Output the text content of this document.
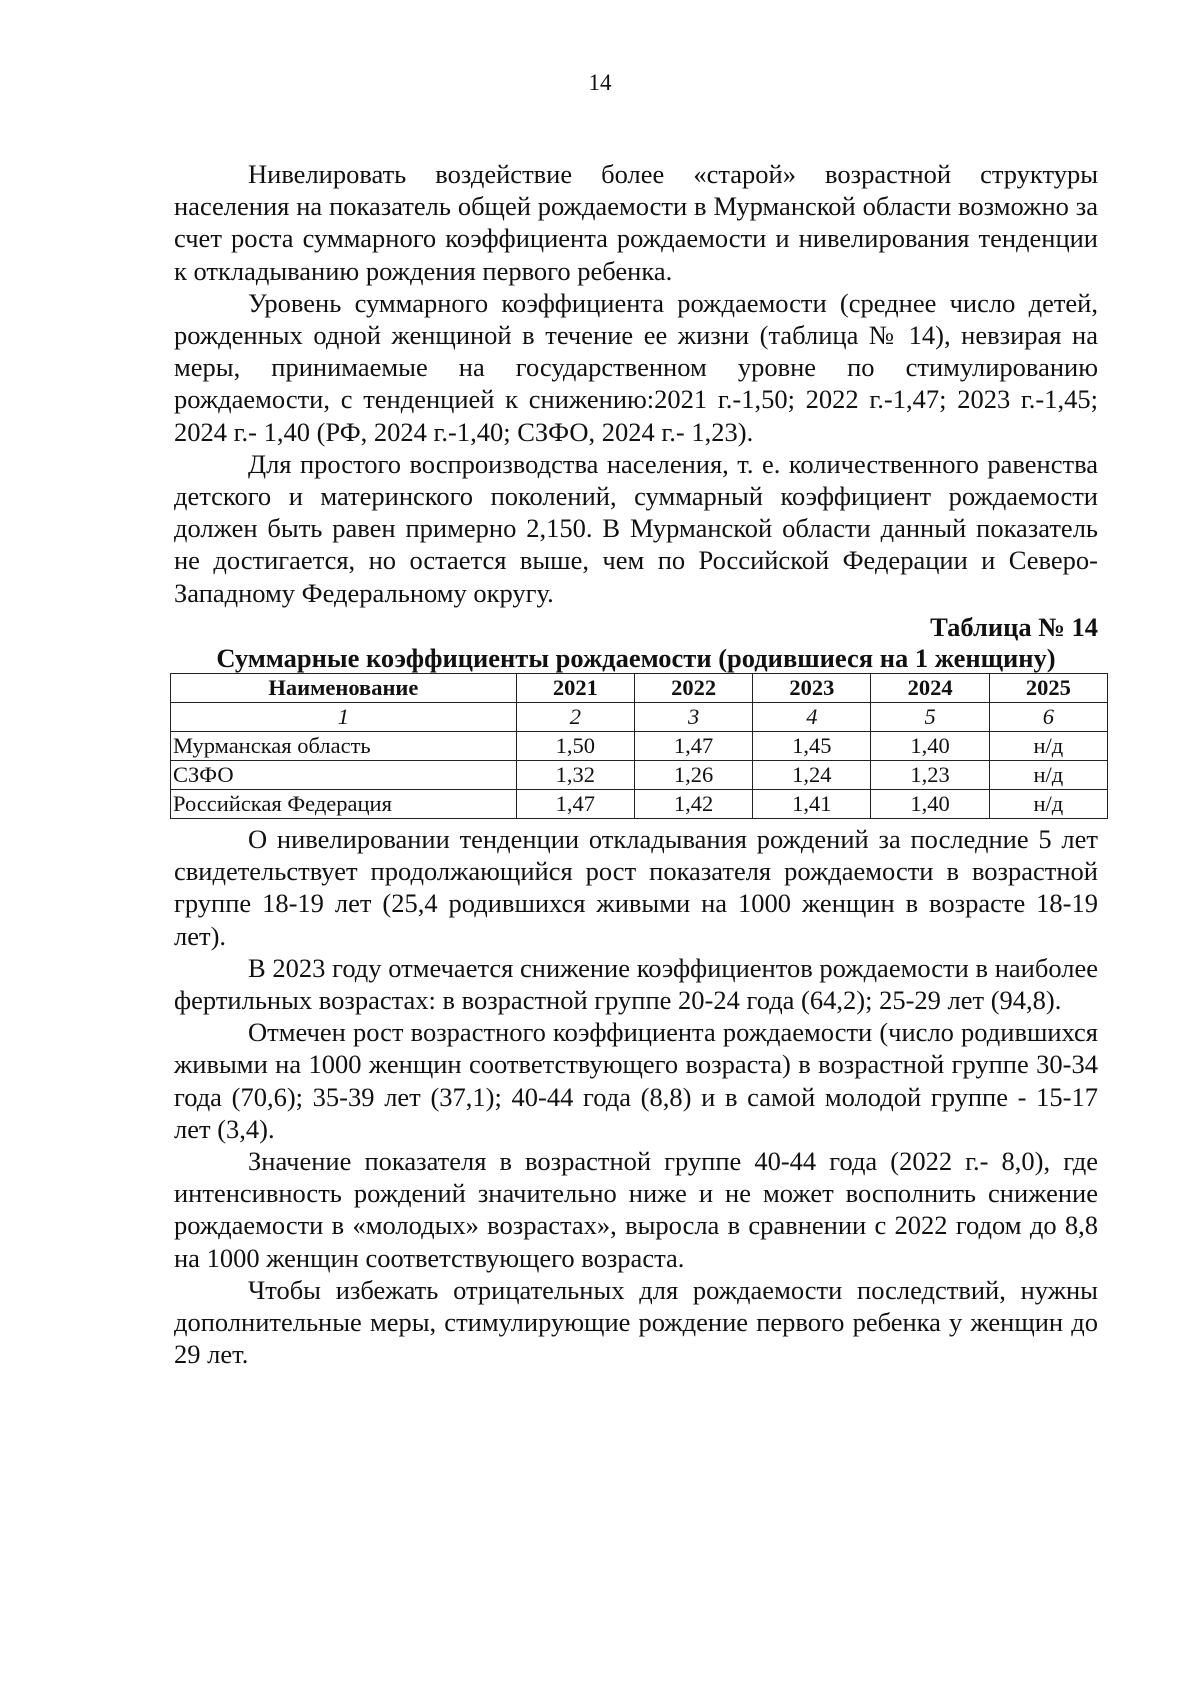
14

Нивелировать воздействие более «старой» возрастной структуры населения на показатель общей рождаемости в Мурманской области возможно за счет роста суммарного коэффициента рождаемости и нивелирования тенденции к откладыванию рождения первого ребенка.

Уровень суммарного коэффициента рождаемости (среднее число детей, рожденных одной женщиной в течение ее жизни (таблица № 14), невзирая на меры, принимаемые на государственном уровне по стимулированию рождаемости, с тенденцией к снижению:2021 г.-1,50; 2022 г.-1,47; 2023 г.-1,45; 2024 г.- 1,40 (РФ, 2024 г.-1,40; СЗФО, 2024 г.- 1,23).

Для простого воспроизводства населения, т. е. количественного равенства детского и материнского поколений, суммарный коэффициент рождаемости должен быть равен примерно 2,150. В Мурманской области данный показатель не достигается, но остается выше, чем по Российской Федерации и Северо-Западному Федеральному округу.

Таблица № 14
Суммарные коэффициенты рождаемости (родившиеся на 1 женщину)
Наименование	2021	2022	2023	2024	2025
1	2	3	4	5	6
Мурманская область	1,50	1,47	1,45	1,40	н/д
СЗФО	1,32	1,26	1,24	1,23	н/д
Российская Федерация	1,47	1,42	1,41	1,40	н/д

О нивелировании тенденции откладывания рождений за последние 5 лет свидетельствует продолжающийся рост показателя рождаемости в возрастной группе 18-19 лет (25,4 родившихся живыми на 1000 женщин в возрасте 18-19 лет).

В 2023 году отмечается снижение коэффициентов рождаемости в наиболее фертильных возрастах: в возрастной группе 20-24 года (64,2); 25-29 лет (94,8).

Отмечен рост возрастного коэффициента рождаемости (число родившихся живыми на 1000 женщин соответствующего возраста) в возрастной группе 30-34 года (70,6); 35-39 лет (37,1); 40-44 года (8,8) и в самой молодой группе - 15-17 лет (3,4).

Значение показателя в возрастной группе 40-44 года (2022 г.- 8,0), где интенсивность рождений значительно ниже и не может восполнить снижение рождаемости в «молодых» возрастах», выросла в сравнении с 2022 годом до 8,8 на 1000 женщин соответствующего возраста.

Чтобы избежать отрицательных для рождаемости последствий, нужны дополнительные меры, стимулирующие рождение первого ребенка у женщин до 29 лет.
